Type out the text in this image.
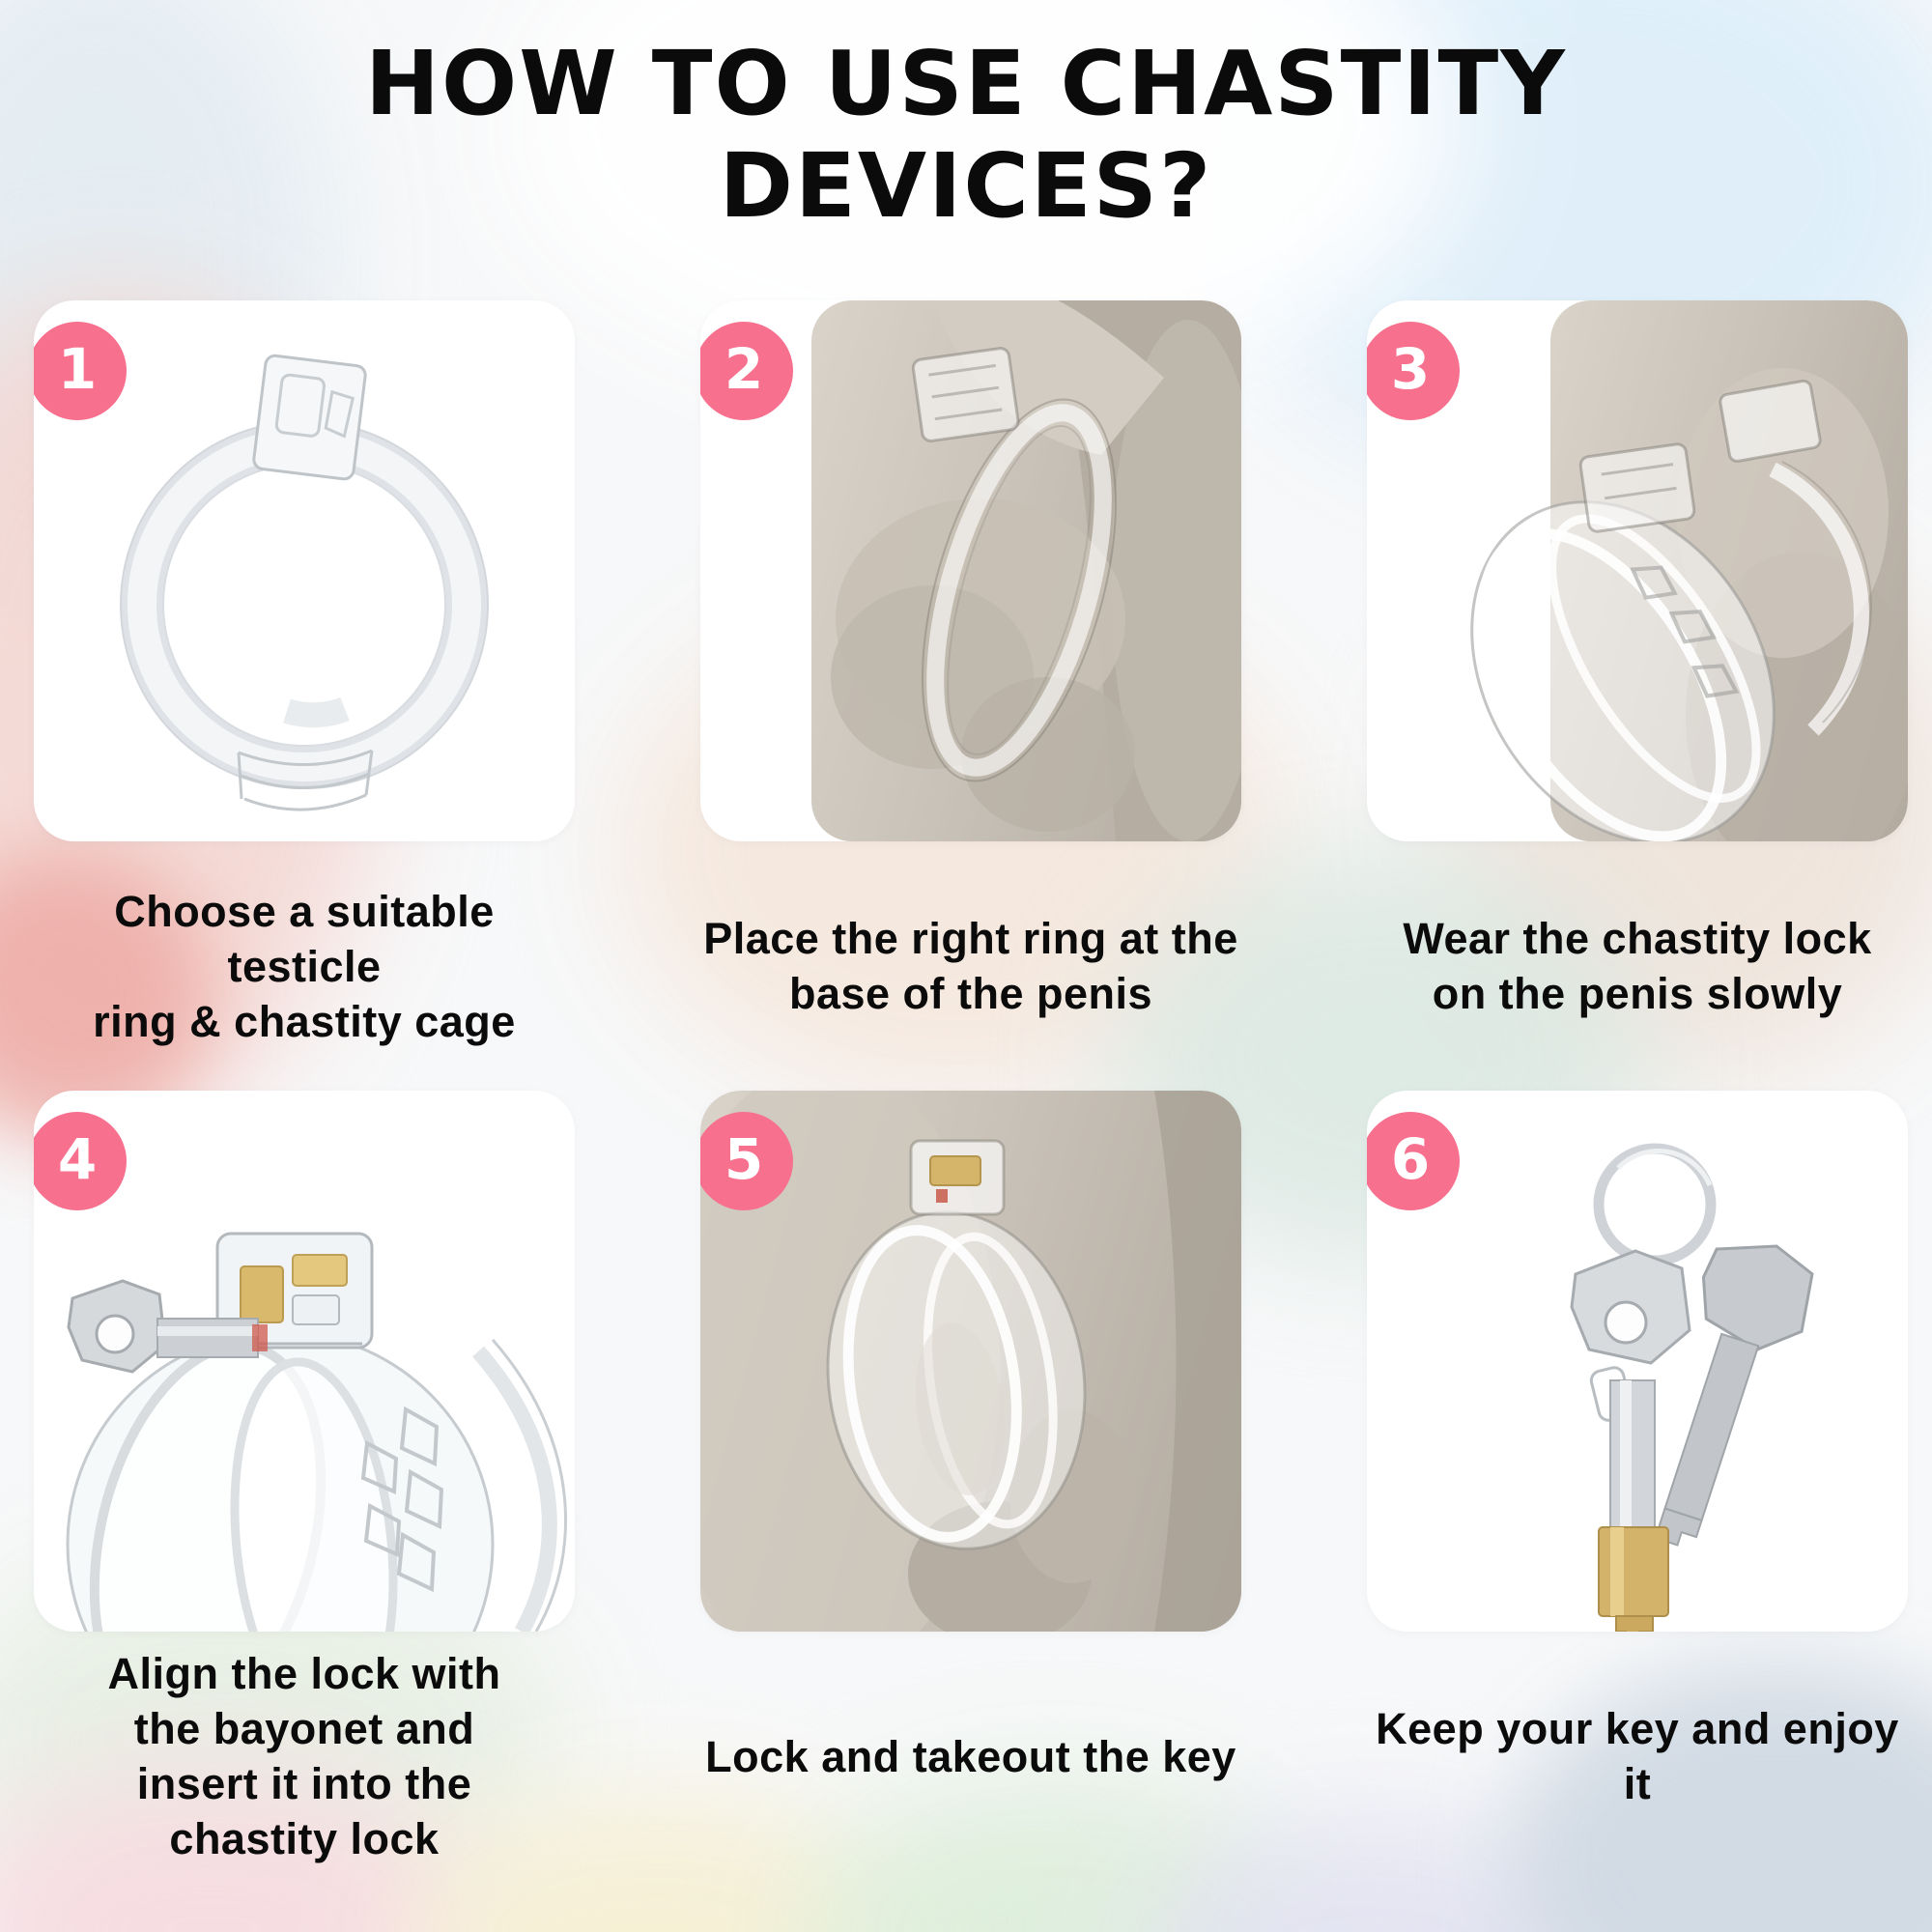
HOW TO USE CHASTITY
DEVICES?
1
Choose a suitable testicle
ring & chastity cage
2
Place the right ring at the
base of the penis
3
Wear the chastity lock
on the penis slowly
4
Align the lock with
the bayonet and
insert it into the
chastity lock
5
Lock and takeout the key
6
Keep your key and enjoy it
